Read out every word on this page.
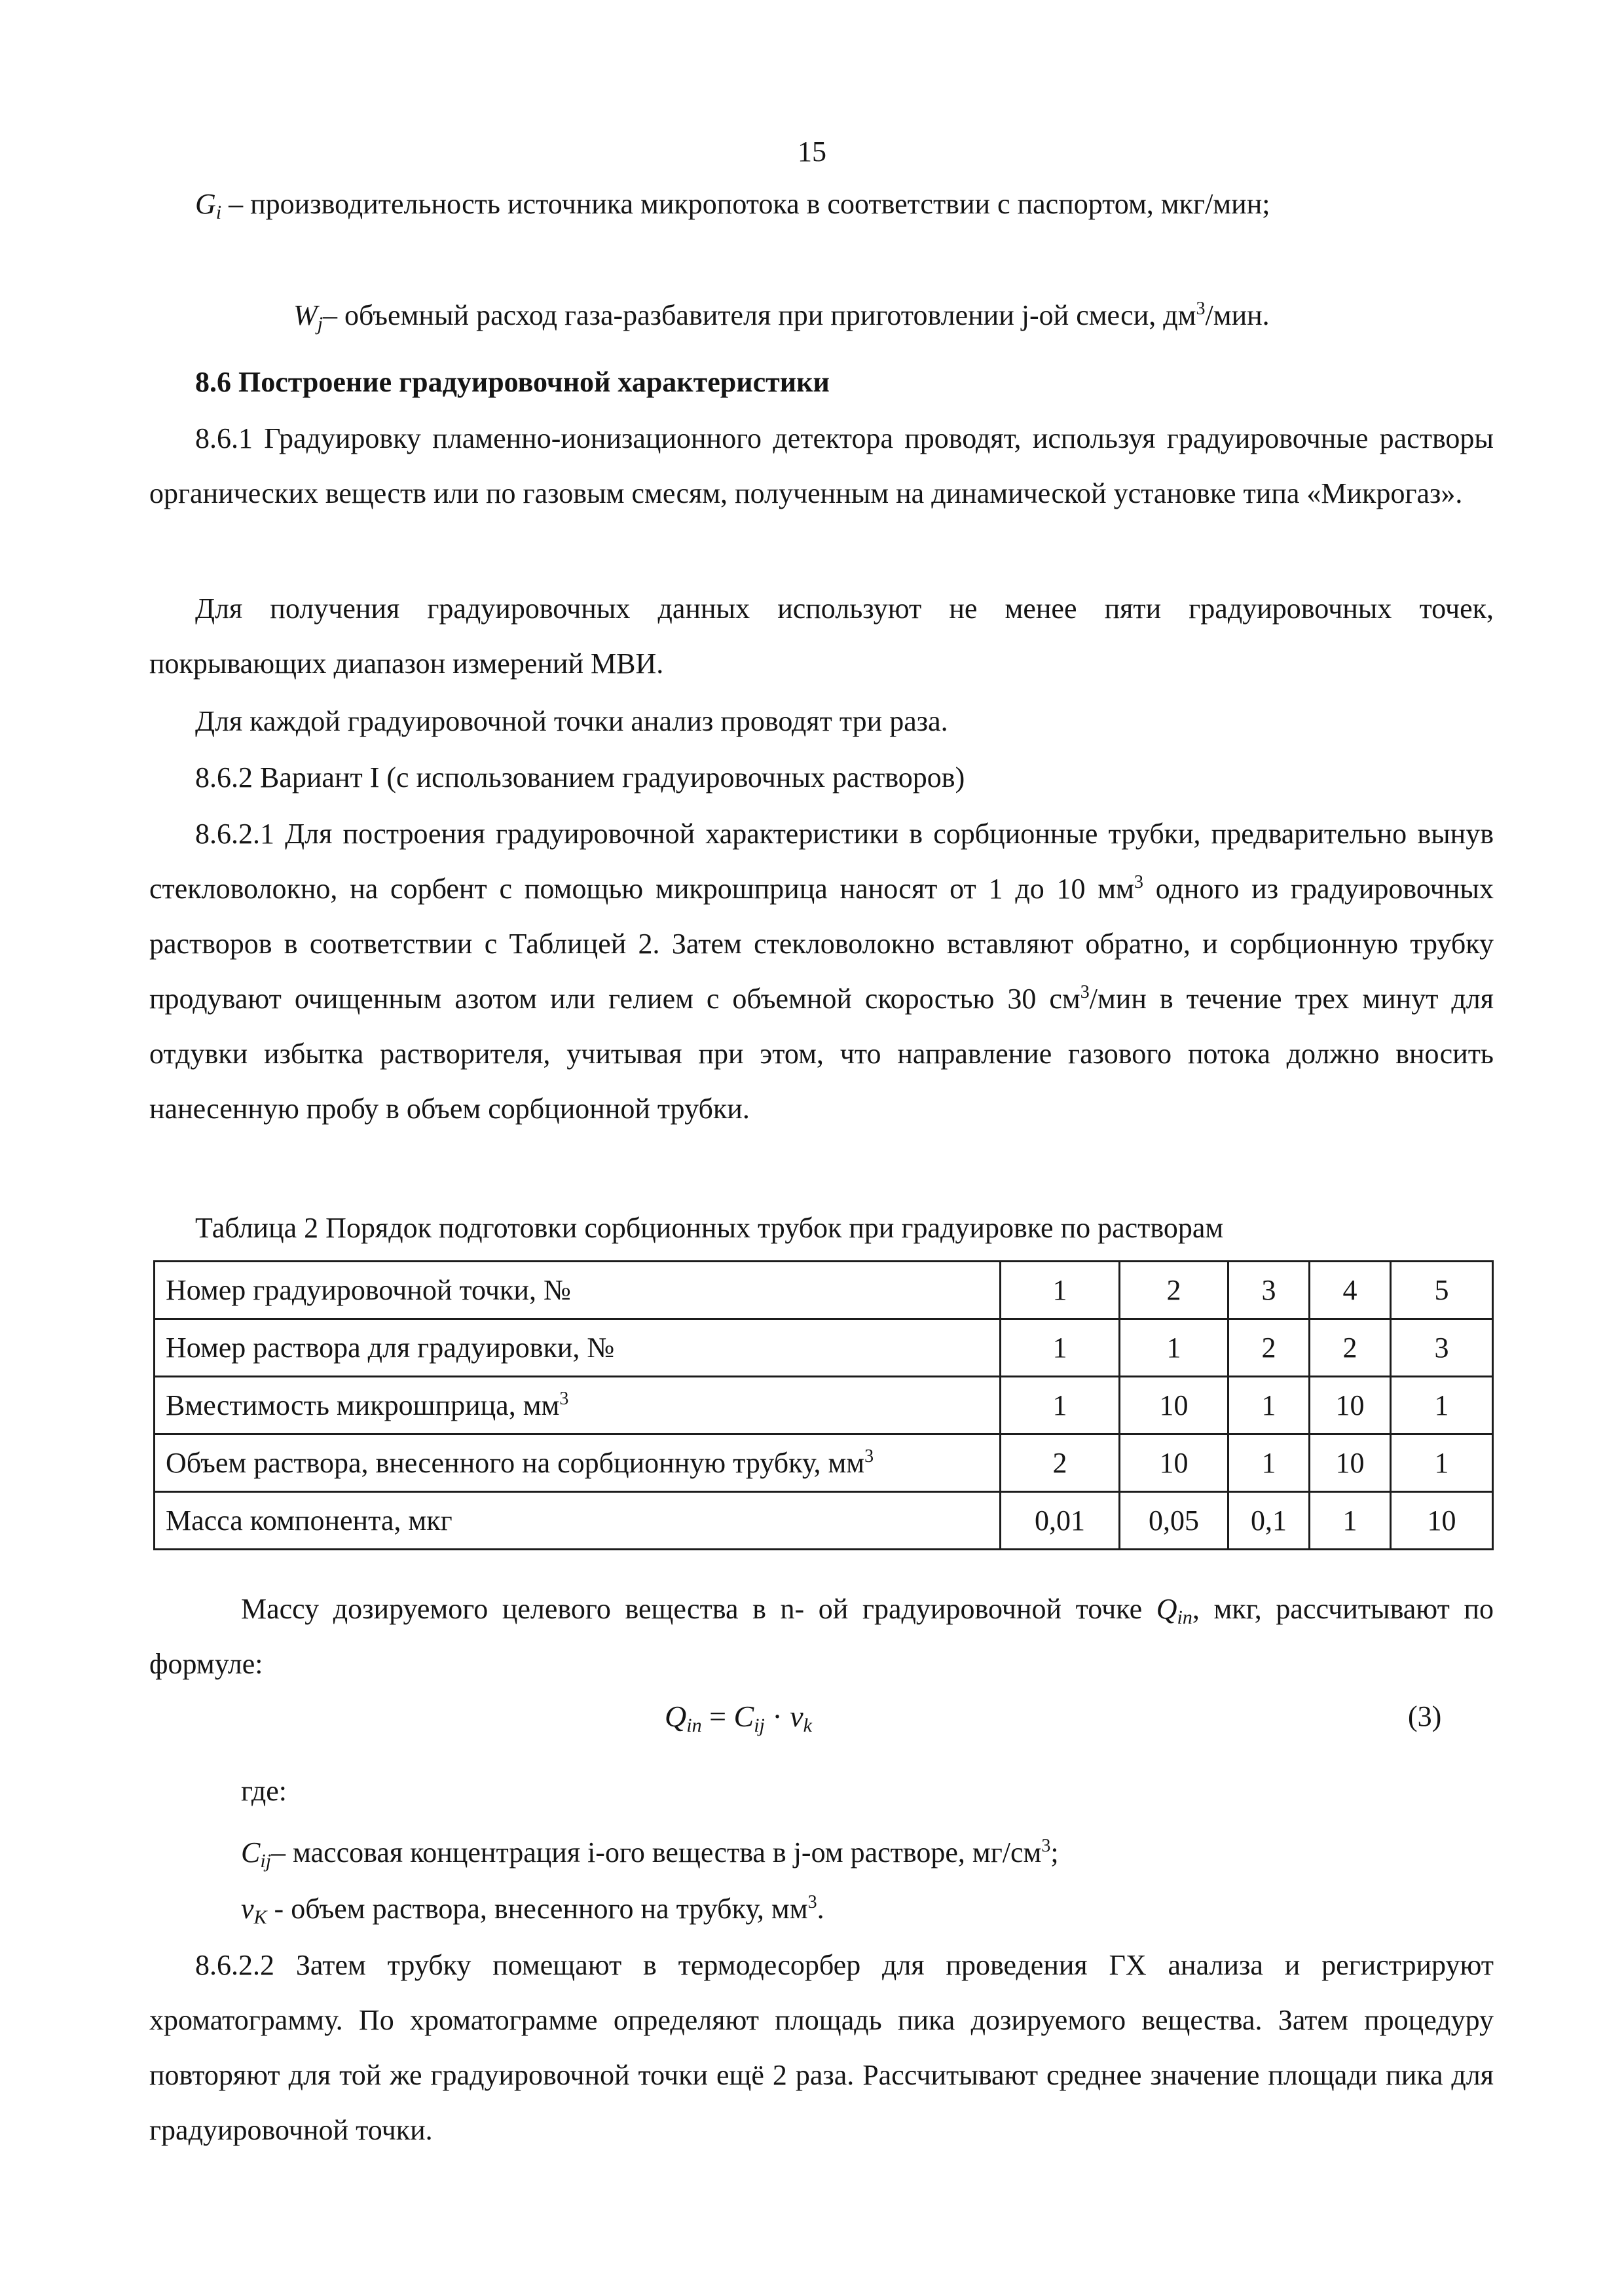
15

$G_i$ – производительность источника микропотока в соответствии с паспортом, мкг/мин;

$W_j-$ объемный расход газа-разбавителя при приготовлении j-ой смеси, $дм^3$/мин.

8.6 Построение градуировочной характеристики

8.6.1 Градуировку пламенно-ионизационного детектора проводят, используя градуировочные растворы органических веществ или по газовым смесям, полученным на динамической установке типа «Микрогаз».

Для получения градуировочных данных используют не менее пяти градуировочных точек, покрывающих диапазон измерений МВИ.

Для каждой градуировочной точки анализ проводят три раза.

8.6.2 Вариант I (с использованием градуировочных растворов)

8.6.2.1 Для построения градуировочной характеристики в сорбционные трубки, предварительно вынув стекловолокно, на сорбент с помощью микрошприца наносят от 1 до 10 $мм^3$ одного из градуировочных растворов в соответствии с Таблицей 2. Затем стекловолокно вставляют обратно, и сорбционную трубку продувают очищенным азотом или гелием с объемной скоростью 30 $см^3$/мин в течение трех минут для отдувки избытка растворителя, учитывая при этом, что направление газового потока должно вносить нанесенную пробу в объем сорбционной трубки.

Таблица 2 Порядок подготовки сорбционных трубок при градуировке по растворам

Номер градуировочной точки, №	1	2	3	4	5
Номер раствора для градуировки, №	1	1	2	2	3
Вместимость микрошприца, $мм^3$	1	10	1	10	1
Объем раствора, внесенного на сорбционную трубку, $мм^3$	2	10	1	10	1
Масса компонента, мкг	0,01	0,05	0,1	1	10

Массу дозируемого целевого вещества в n- ой градуировочной точке $Q_{in}$, мкг, рассчитывают по формуле:

$Q_{in} = C_{ij} \cdot v_k$	(3)

где:

$C_{ij}-$ массовая концентрация i-ого вещества в j-ом растворе, $мг/см^3$;

$v_K$ - объем раствора, внесенного на трубку, $мм^3$.

8.6.2.2 Затем трубку помещают в термодесорбер для проведения ГХ анализа и регистрируют хроматограмму. По хроматограмме определяют площадь пика дозируемого вещества. Затем процедуру повторяют для той же градуировочной точки ещё 2 раза. Рассчитывают среднее значение площади пика для градуировочной точки.
